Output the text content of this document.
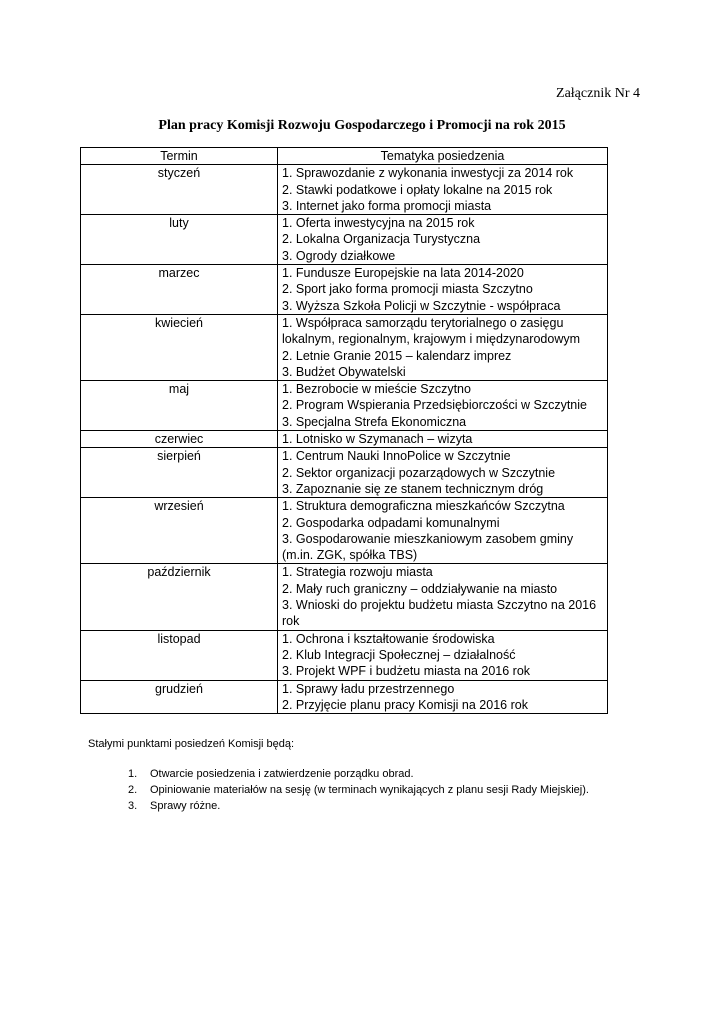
Załącznik Nr 4
Plan pracy Komisji Rozwoju Gospodarczego i Promocji na rok 2015
Termin	Tematyka posiedzenia
styczeń	1. Sprawozdanie z wykonania inwestycji za 2014 rok
2. Stawki podatkowe i opłaty lokalne na 2015 rok
3. Internet jako forma promocji miasta

luty	1. Oferta inwestycyjna na 2015 rok
2. Lokalna Organizacja Turystyczna
3. Ogrody działkowe

marzec	1. Fundusze Europejskie na lata 2014-2020
2. Sport jako forma promocji miasta Szczytno
3. Wyższa Szkoła Policji w Szczytnie - współpraca

kwiecień	1. Współpraca samorządu terytorialnego o zasięgu
lokalnym, regionalnym, krajowym i międzynarodowym
2. Letnie Granie 2015 – kalendarz imprez
3. Budżet Obywatelski

maj	1. Bezrobocie w mieście Szczytno
2. Program Wspierania Przedsiębiorczości w Szczytnie
3. Specjalna Strefa Ekonomiczna

czerwiec	1. Lotnisko w Szymanach – wizyta

sierpień	1. Centrum Nauki InnoPolice w Szczytnie
2. Sektor organizacji pozarządowych w Szczytnie
3. Zapoznanie się ze stanem technicznym dróg

wrzesień	1. Struktura demograficzna mieszkańców Szczytna
2. Gospodarka odpadami komunalnymi
3. Gospodarowanie mieszkaniowym zasobem gminy
(m.in. ZGK, spółka TBS)

październik	1. Strategia rozwoju miasta
2. Mały ruch graniczny – oddziaływanie na miasto
3. Wnioski do projektu budżetu miasta Szczytno na 2016
rok

listopad	1. Ochrona i kształtowanie środowiska
2. Klub Integracji Społecznej – działalność
3. Projekt WPF i budżetu miasta na 2016 rok

grudzień	1. Sprawy ładu przestrzennego
2. Przyjęcie planu pracy Komisji na 2016 rok
Stałymi punktami posiedzeń Komisji będą:
1. Otwarcie posiedzenia i zatwierdzenie porządku obrad.
2. Opiniowanie materiałów na sesję (w terminach wynikających z planu sesji Rady Miejskiej).
3. Sprawy różne.
